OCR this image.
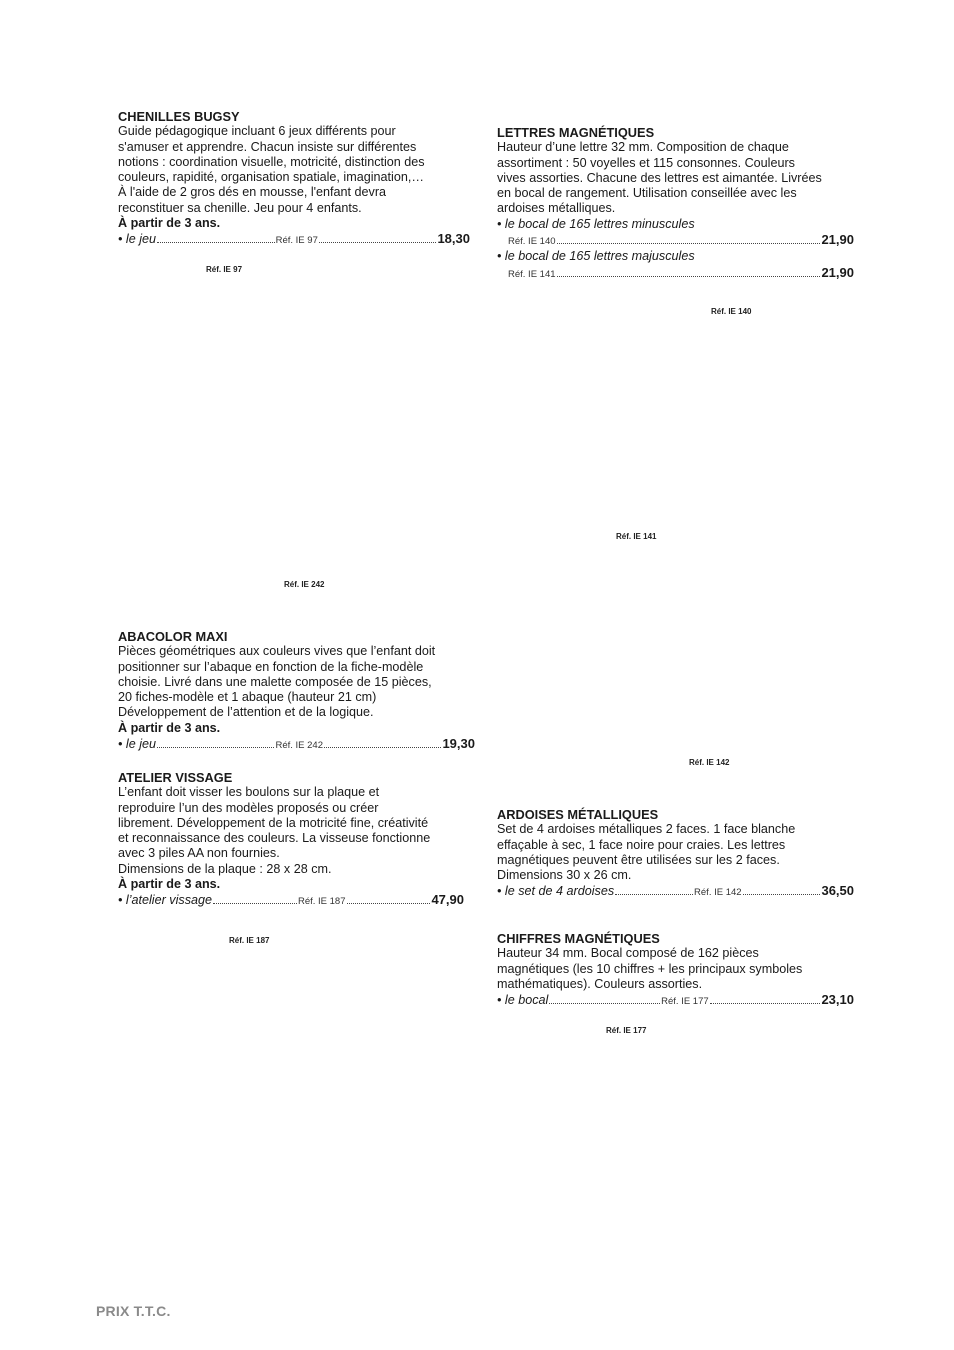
CHENILLES BUGSY
Guide pédagogique incluant 6 jeux différents pour
s'amuser et apprendre. Chacun insiste sur différentes
notions : coordination visuelle, motricité, distinction des
couleurs, rapidité, organisation spatiale, imagination,…
À l'aide de 2 gros dés en mousse, l'enfant devra
reconstituer sa chenille. Jeu pour 4 enfants.
À partir de 3 ans.
• le jeu	Réf. IE 97	18,30
Réf. IE 97
LETTRES MAGNÉTIQUES
Hauteur d’une lettre 32 mm. Composition de chaque
assortiment : 50 voyelles et 115 consonnes. Couleurs
vives assorties. Chacune des lettres est aimantée. Livrées
en bocal de rangement. Utilisation conseillée avec les
ardoises métalliques.
• le bocal de 165 lettres minuscules
Réf. IE 140	21,90
• le bocal de 165 lettres majuscules
Réf. IE 141	21,90
Réf. IE 140
Réf. IE 141
Réf. IE 242
ABACOLOR MAXI
Pièces géométriques aux couleurs vives que l’enfant doit
positionner sur l’abaque en fonction de la fiche-modèle
choisie. Livré dans une malette composée de 15 pièces,
20 fiches-modèle et 1 abaque (hauteur 21 cm)
Développement de l’attention et de la logique.
À partir de 3 ans.
• le jeu	Réf. IE 242	19,30
ATELIER VISSAGE
L’enfant doit visser les boulons sur la plaque et
reproduire l’un des modèles proposés ou créer
librement. Développement de la motricité fine, créativité
et reconnaissance des couleurs. La visseuse fonctionne
avec 3 piles AA non fournies.
Dimensions de la plaque : 28 x 28 cm.
À partir de 3 ans.
• l’atelier vissage	Réf. IE 187	47,90
Réf. IE 142
Réf. IE 187
ARDOISES MÉTALLIQUES
Set de 4 ardoises métalliques 2 faces. 1 face blanche
effaçable à sec, 1 face noire pour craies. Les lettres
magnétiques peuvent être utilisées sur les 2 faces.
Dimensions 30 x 26 cm.
• le set de 4 ardoises	Réf. IE 142	36,50
CHIFFRES MAGNÉTIQUES
Hauteur 34 mm. Bocal composé de 162 pièces
magnétiques (les 10 chiffres + les principaux symboles
mathématiques). Couleurs assorties.
• le bocal	Réf. IE 177	23,10
Réf. IE 177
PRIX T.T.C.
